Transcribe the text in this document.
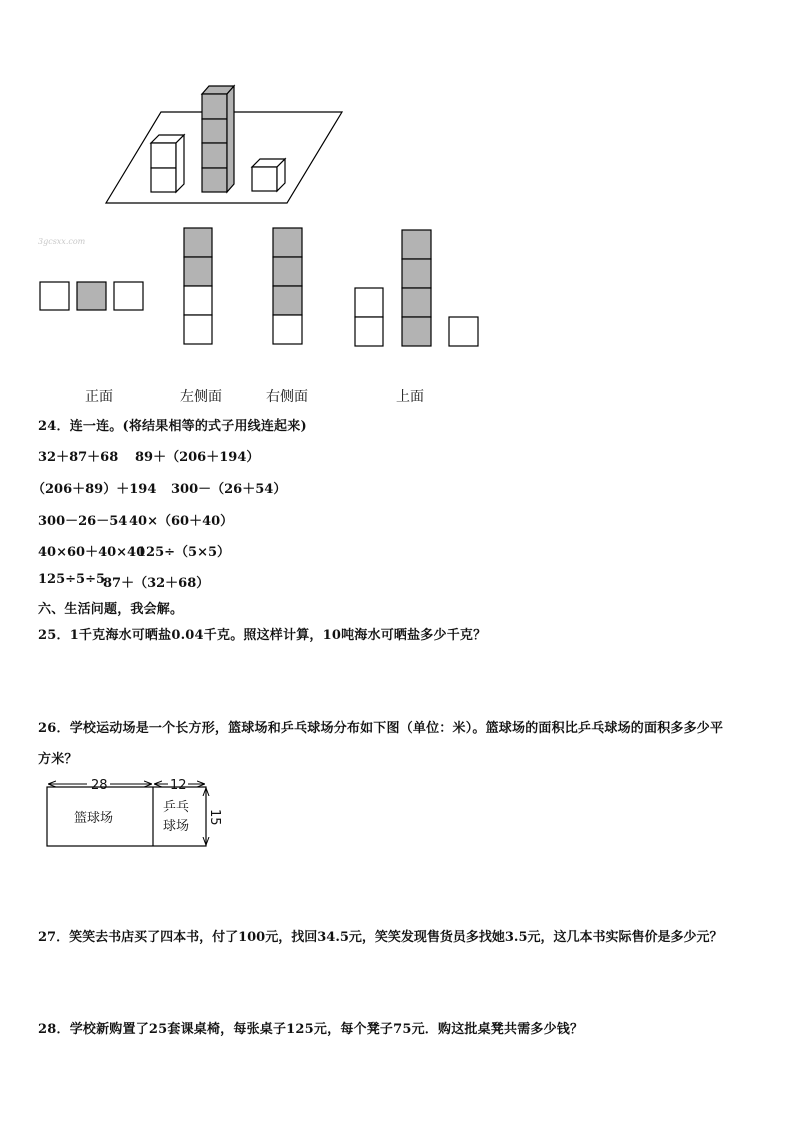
3gcsxx.com
正面	左侧面	右侧面	上面
24．连一连。(将结果相等的式子用线连起来)
32＋87＋68 89＋（206＋194）
（206＋89）＋194 300－（26＋54）
300－26－54 40×（60＋40）
40×60＋40×40
125÷（5×5）
125÷5÷5
87＋（32＋68）
六、生活问题，我会解。
25．1千克海水可晒盐0.04千克。照这样计算，10吨海水可晒盐多少千克？
26．学校运动场是一个长方形，篮球场和乒乓球场分布如下图（单位：米）。篮球场的面积比乒乓球场的面积多多少平
方米？
28	12
15
篮球场
乒乓
球场
27．笑笑去书店买了四本书，付了100元，找回34.5元，笑笑发现售货员多找她3.5元，这几本书实际售价是多少元？
28．学校新购置了25套课桌椅，每张桌子125元，每个凳子75元．购这批桌凳共需多少钱？
